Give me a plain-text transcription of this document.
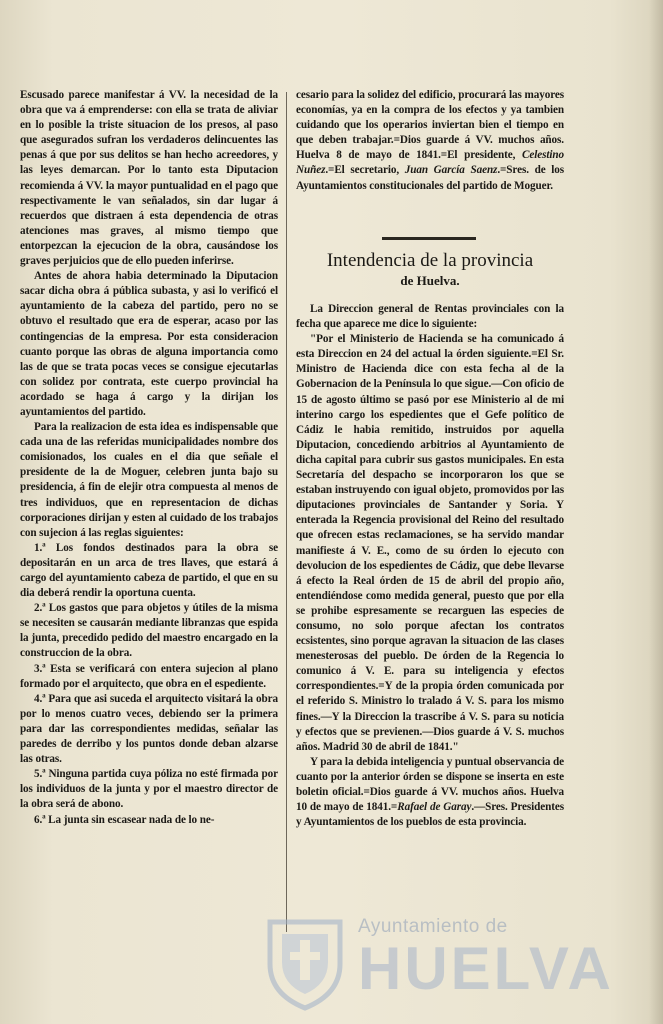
Escusado parece manifestar á VV. la necesidad de la obra que va á emprenderse: con ella se trata de aliviar en lo posible la triste situacion de los presos, al paso que asegurados sufran los verdaderos delincuentes las penas á que por sus delitos se han hecho acreedores, y las leyes demarcan. Por lo tanto esta Diputacion recomienda á VV. la mayor puntualidad en el pago que respectivamente le van señalados, sin dar lugar á recuerdos que distraen á esta dependencia de otras atenciones mas graves, al mismo tiempo que entorpezcan la ejecucion de la obra, causándose los graves perjuicios que de ello pueden inferirse.

Antes de ahora habia determinado la Diputacion sacar dicha obra á pública subasta, y asi lo verificó el ayuntamiento de la cabeza del partido, pero no se obtuvo el resultado que era de esperar, acaso por las contingencias de la empresa. Por esta consideracion cuanto porque las obras de alguna importancia como las de que se trata pocas veces se consigue ejecutarlas con solidez por contrata, este cuerpo provincial ha acordado se haga á cargo y la dirijan los ayuntamientos del partido.

Para la realizacion de esta idea es indispensable que cada una de las referidas municipalidades nombre dos comisionados, los cuales en el dia que señale el presidente de la de Moguer, celebren junta bajo su presidencia, á fin de elejir otra compuesta al menos de tres individuos, que en representacion de dichas corporaciones dirijan y esten al cuidado de los trabajos con sujecion á las reglas siguientes:

1.ª Los fondos destinados para la obra se depositarán en un arca de tres llaves, que estará á cargo del ayuntamiento cabeza de partido, el que en su dia deberá rendir la oportuna cuenta.

2.ª Los gastos que para objetos y útiles de la misma se necesiten se causarán mediante libranzas que espida la junta, precedido pedido del maestro encargado en la construccion de la obra.

3.ª Esta se verificará con entera sujecion al plano formado por el arquitecto, que obra en el espediente.

4.ª Para que asi suceda el arquitecto visitará la obra por lo menos cuatro veces, debiendo ser la primera para dar las correspondientes medidas, señalar las paredes de derribo y los puntos donde deban alzarse las otras.

5.ª Ninguna partida cuya póliza no esté firmada por los individuos de la junta y por el maestro director de la obra será de abono.

6.ª La junta sin escasear nada de lo ne-

cesario para la solidez del edificio, procurará las mayores economías, ya en la compra de los efectos y ya tambien cuidando que los operarios inviertan bien el tiempo en que deben trabajar.=Dios guarde á VV. muchos años. Huelva 8 de mayo de 1841.=El presidente, Celestino Nuñez.=El secretario, Juan García Saenz.=Sres. de los Ayuntamientos constitucionales del partido de Moguer.

Intendencia de la provincia
de Huelva.

La Direccion general de Rentas provinciales con la fecha que aparece me dice lo siguiente:

"Por el Ministerio de Hacienda se ha comunicado á esta Direccion en 24 del actual la órden siguiente.=El Sr. Ministro de Hacienda dice con esta fecha al de la Gobernacion de la Península lo que sigue.—Con oficio de 15 de agosto último se pasó por ese Ministerio al de mi interino cargo los espedientes que el Gefe político de Cádiz le habia remitido, instruidos por aquella Diputacion, concediendo arbitrios al Ayuntamiento de dicha capital para cubrir sus gastos municipales. En esta Secretaría del despacho se incorporaron los que se estaban instruyendo con igual objeto, promovidos por las diputaciones provinciales de Santander y Soria. Y enterada la Regencia provisional del Reino del resultado que ofrecen estas reclamaciones, se ha servido mandar manifieste á V. E., como de su órden lo ejecuto con devolucion de los espedientes de Cádiz, que debe llevarse á efecto la Real órden de 15 de abril del propio año, entendiéndose como medida general, puesto que por ella se prohibe espresamente se recarguen las especies de consumo, no solo porque afectan los contratos ecsistentes, sino porque agravan la situacion de las clases menesterosas del pueblo. De órden de la Regencia lo comunico á V. E. para su inteligencia y efectos correspondientes.=Y de la propia órden comunicada por el referido S. Ministro lo tralado á V. S. para los mismo fines.—Y la Direccion la trascribe á V. S. para su noticia y efectos que se previenen.—Dios guarde á V. S. muchos años. Madrid 30 de abril de 1841."

Y para la debida inteligencia y puntual observancia de cuanto por la anterior órden se dispone se inserta en este boletin oficial.=Dios guarde á VV. muchos años. Huelva 10 de mayo de 1841.=Rafael de Garay.—Sres. Presidentes y Ayuntamientos de los pueblos de esta provincia.

Ayuntamiento de
HUELVA
